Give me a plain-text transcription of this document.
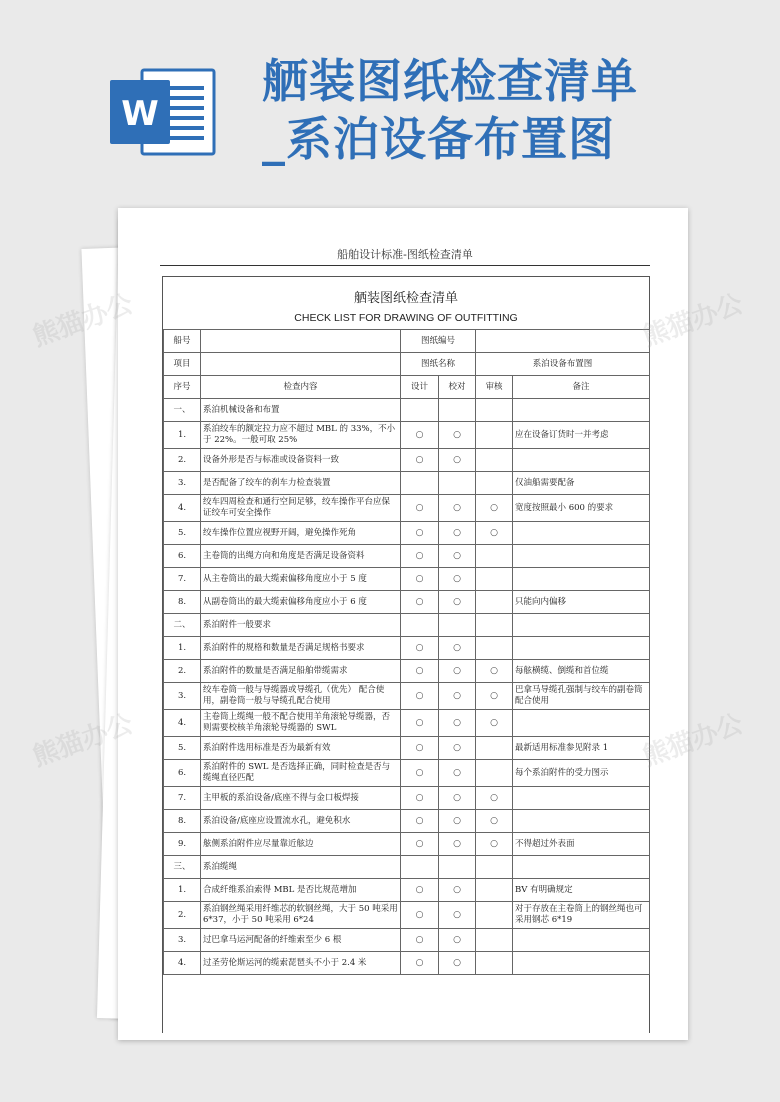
W
舾装图纸检查清单
_系泊设备布置图
船舶设计标准-图纸检查清单
舾装图纸检查清单
CHECK LIST FOR DRAWING OF OUTFITTING
船号		图纸编号			
项目		图纸名称		系泊设备布置图	
序号	检查内容	设计	校对	审核	备注
一、	系泊机械设备和布置				
1.	系泊绞车的额定拉力应不超过 MBL 的 33%，不小于 22%。一般可取 25%	○	○		应在设备订货时一并考虑
2.	设备外形是否与标准或设备资料一致	○	○		
3.	是否配备了绞车的刹车力检查装置				仅油船需要配备
4.	绞车四周检查和通行空间足够，绞车操作平台应保证绞车可安全操作	○	○	○	宽度按照最小 600 的要求
5.	绞车操作位置应视野开阔，避免操作死角	○	○	○	
6.	主卷筒的出绳方向和角度是否满足设备资料	○	○		
7.	从主卷筒出的最大缆索偏移角度应小于 5 度	○	○		
8.	从副卷筒出的最大缆索偏移角度应小于 6 度	○	○		只能向内偏移
二、	系泊附件一般要求				
1.	系泊附件的规格和数量是否满足规格书要求	○	○		
2.	系泊附件的数量是否满足船舶带缆需求	○	○	○	每舷横缆、倒缆和首位缆
3.	绞车卷筒一般与导缆器或导缆孔（优先） 配合使用，副卷筒一般与导缆孔配合使用	○	○	○	巴拿马导缆孔强制与绞车的副卷筒配合使用
4.	主卷筒上缆绳一般不配合使用羊角滚轮导缆器，否则需要校核羊角滚轮导缆器的 SWL	○	○	○	
5.	系泊附件选用标准是否为最新有效	○	○		最新适用标准参见附录 1
6.	系泊附件的 SWL 是否选择正确，同时检查是否与缆绳直径匹配	○	○		每个系泊附件的受力图示
7.	主甲板的系泊设备/底座不得与金口板焊接	○	○	○	
8.	系泊设备/底座应设置流水孔，避免积水	○	○	○	
9.	舷侧系泊附件应尽量靠近舷边	○	○	○	不得超过外表面
三、	系泊缆绳				
1.	合成纤维系泊索得 MBL 是否比规范增加	○	○		BV 有明确规定
2.	系泊钢丝绳采用纤维芯的软钢丝绳，大于 50 吨采用 6*37，小于 50 吨采用 6*24	○	○		对于存放在主卷筒上的钢丝绳也可采用钢芯 6*19
3.	过巴拿马运河配备的纤维索至少 6 根	○	○		
4.	过圣劳伦斯运河的缆索琵琶头不小于 2.4 米	○	○		
熊猫办公	熊猫办公
熊猫办公	熊猫办公
